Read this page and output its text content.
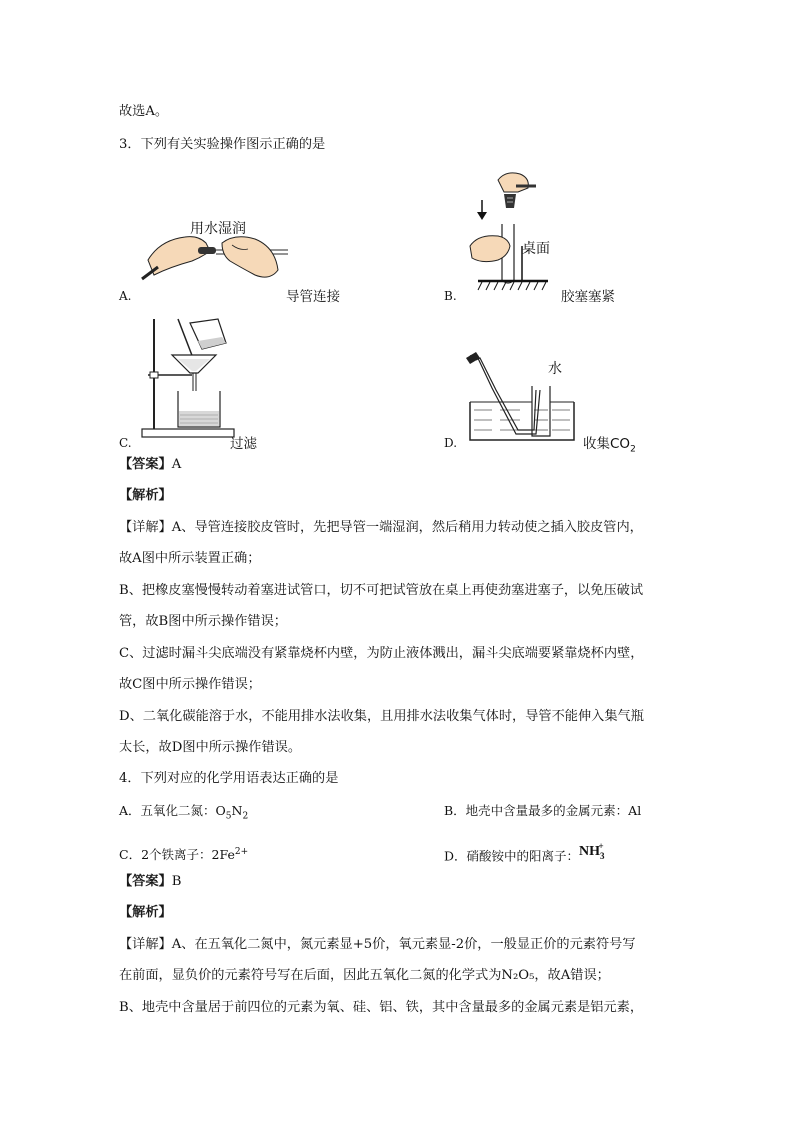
故选A。
3．下列有关实验操作图示正确的是
用水湿润
A.	导管连接
桌面
B.	胶塞塞紧
C.	过滤
水
D.	收集$CO_2$
【答案】A
【解析】
【详解】A、导管连接胶皮管时，先把导管一端湿润，然后稍用力转动使之插入胶皮管内，
故A图中所示装置正确；
B、把橡皮塞慢慢转动着塞进试管口，切不可把试管放在桌上再使劲塞进塞子，以免压破试
管，故B图中所示操作错误；
C、过滤时漏斗尖底端没有紧靠烧杯内壁，为防止液体溅出，漏斗尖底端要紧靠烧杯内壁，
故C图中所示操作错误；
D、二氧化碳能溶于水，不能用排水法收集，且用排水法收集气体时，导管不能伸入集气瓶
太长，故D图中所示操作错误。
4．下列对应的化学用语表达正确的是
A．五氧化二氮：$O_5N_2$	B．地壳中含量最多的金属元素：Al
C．2个铁离子：$2Fe^{2+}$	D．硝酸铵中的阳离子：$NH_3^+$
【答案】B
【解析】
【详解】A、在五氧化二氮中，氮元素显+5价，氧元素显-2价，一般显正价的元素符号写
在前面，显负价的元素符号写在后面，因此五氧化二氮的化学式为N₂O₅，故A错误；
B、地壳中含量居于前四位的元素为氧、硅、铝、铁，其中含量最多的金属元素是铝元素，
